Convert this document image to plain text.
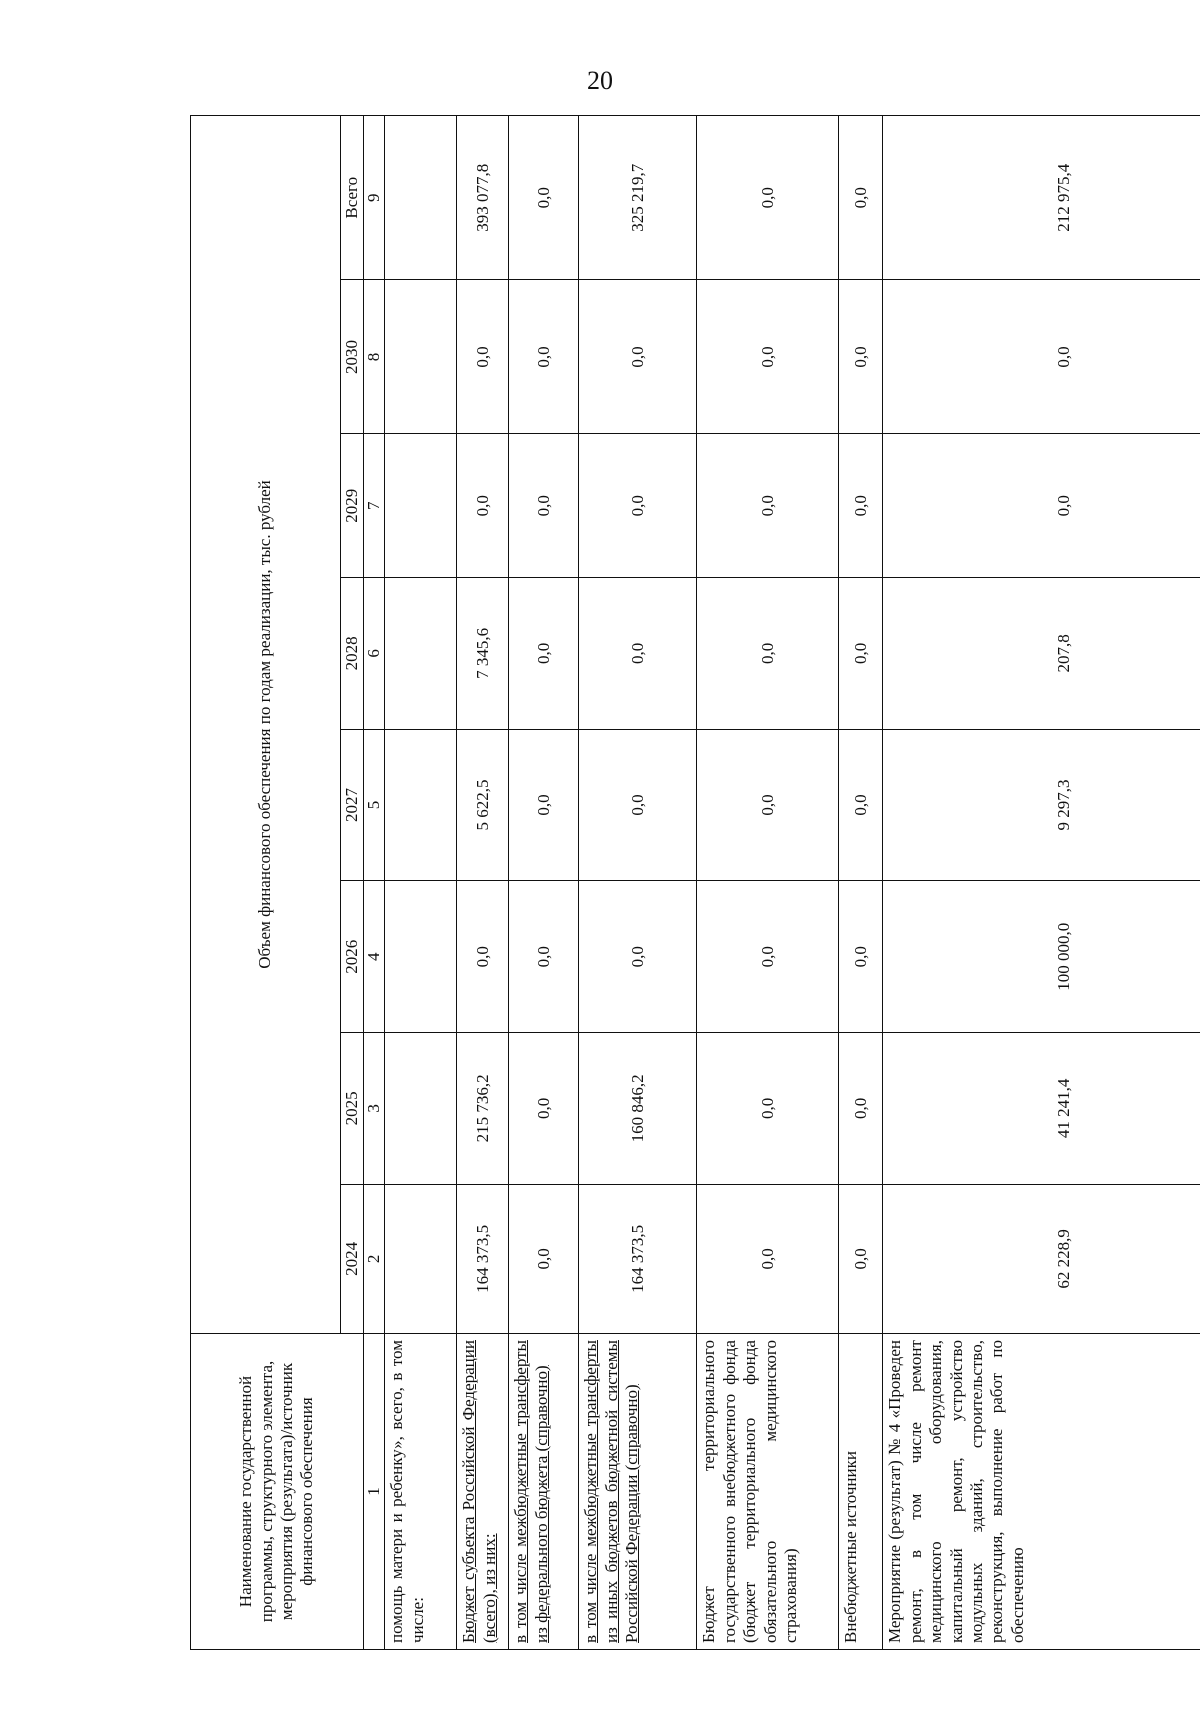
20
Наименование государственной программы, структурного элемента, мероприятия (результата)/источник финансового обеспечения	Объем финансового обеспечения по годам реализации, тыс. рублей							
	2024	2025	2026	2027	2028	2029	2030	Всего
1	2	3	4	5	6	7	8	9
помощь матери и ребенку», всего, в том числе:								
Бюджет субъекта Российской Федерации (всего), из них:	164 373,5	215 736,2	0,0	5 622,5	7 345,6	0,0	0,0	393 077,8
в том числе межбюджетные трансферты из федерального бюджета (справочно)	0,0	0,0	0,0	0,0	0,0	0,0	0,0	0,0
в том числе межбюджетные трансферты из иных бюджетов бюджетной системы Российской Федерации (справочно)	164 373,5	160 846,2	0,0	0,0	0,0	0,0	0,0	325 219,7
Бюджет территориального государственного внебюджетного фонда (бюджет территориального фонда обязательного медицинского страхования)	0,0	0,0	0,0	0,0	0,0	0,0	0,0	0,0
Внебюджетные источники	0,0	0,0	0,0	0,0	0,0	0,0	0,0	0,0
Мероприятие (результат) № 4 «Проведен ремонт, в том числе ремонт медицинского оборудования, капитальный ремонт, устройство модульных зданий, строительство, реконструкция, выполнение работ по обеспечению	62 228,9	41 241,4	100 000,0	9 297,3	207,8	0,0	0,0	212 975,4
